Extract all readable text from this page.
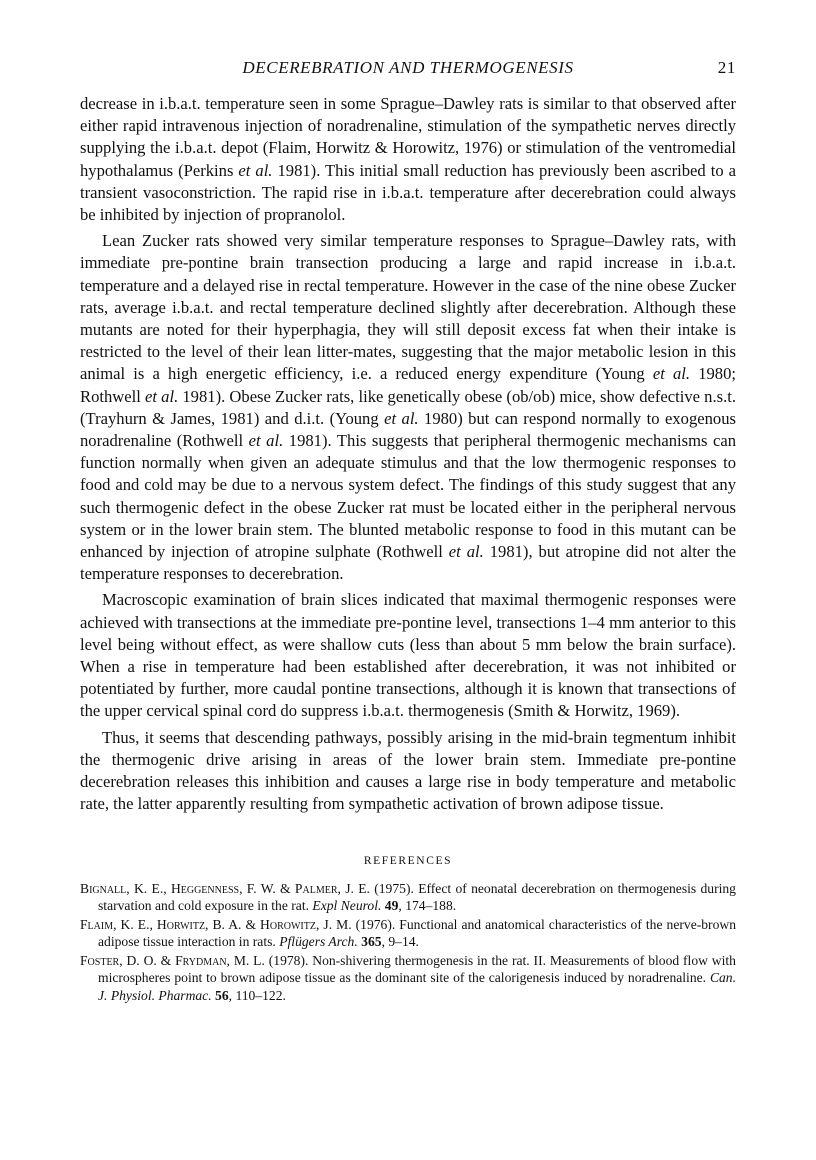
DECEREBRATION AND THERMOGENESIS	21

decrease in i.b.a.t. temperature seen in some Sprague–Dawley rats is similar to that observed after either rapid intravenous injection of noradrenaline, stimulation of the sympathetic nerves directly supplying the i.b.a.t. depot (Flaim, Horwitz & Horowitz, 1976) or stimulation of the ventromedial hypothalamus (Perkins et al. 1981). This initial small reduction has previously been ascribed to a transient vasoconstriction. The rapid rise in i.b.a.t. temperature after decerebration could always be inhibited by injection of propranolol.

Lean Zucker rats showed very similar temperature responses to Sprague–Dawley rats, with immediate pre-pontine brain transection producing a large and rapid increase in i.b.a.t. temperature and a delayed rise in rectal temperature. However in the case of the nine obese Zucker rats, average i.b.a.t. and rectal temperature declined slightly after decerebration. Although these mutants are noted for their hyperphagia, they will still deposit excess fat when their intake is restricted to the level of their lean litter-mates, suggesting that the major metabolic lesion in this animal is a high energetic efficiency, i.e. a reduced energy expenditure (Young et al. 1980; Rothwell et al. 1981). Obese Zucker rats, like genetically obese (ob/ob) mice, show defective n.s.t. (Trayhurn & James, 1981) and d.i.t. (Young et al. 1980) but can respond normally to exogenous noradrenaline (Rothwell et al. 1981). This suggests that peripheral thermogenic mechanisms can function normally when given an adequate stimulus and that the low thermogenic responses to food and cold may be due to a nervous system defect. The findings of this study suggest that any such thermogenic defect in the obese Zucker rat must be located either in the peripheral nervous system or in the lower brain stem. The blunted metabolic response to food in this mutant can be enhanced by injection of atropine sulphate (Rothwell et al. 1981), but atropine did not alter the temperature responses to decerebration.

Macroscopic examination of brain slices indicated that maximal thermogenic responses were achieved with transections at the immediate pre-pontine level, transections 1–4 mm anterior to this level being without effect, as were shallow cuts (less than about 5 mm below the brain surface). When a rise in temperature had been established after decerebration, it was not inhibited or potentiated by further, more caudal pontine transections, although it is known that transections of the upper cervical spinal cord do suppress i.b.a.t. thermogenesis (Smith & Horwitz, 1969).

Thus, it seems that descending pathways, possibly arising in the mid-brain tegmentum inhibit the thermogenic drive arising in areas of the lower brain stem. Immediate pre-pontine decerebration releases this inhibition and causes a large rise in body temperature and metabolic rate, the latter apparently resulting from sympathetic activation of brown adipose tissue.

REFERENCES
Bignall, K. E., Heggenness, F. W. & Palmer, J. E. (1975). Effect of neonatal decerebration on thermogenesis during starvation and cold exposure in the rat. Expl Neurol. 49, 174–188.
Flaim, K. E., Horwitz, B. A. & Horowitz, J. M. (1976). Functional and anatomical characteristics of the nerve-brown adipose tissue interaction in rats. Pflügers Arch. 365, 9–14.
Foster, D. O. & Frydman, M. L. (1978). Non-shivering thermogenesis in the rat. II. Measurements of blood flow with microspheres point to brown adipose tissue as the dominant site of the calorigenesis induced by noradrenaline. Can. J. Physiol. Pharmac. 56, 110–122.
